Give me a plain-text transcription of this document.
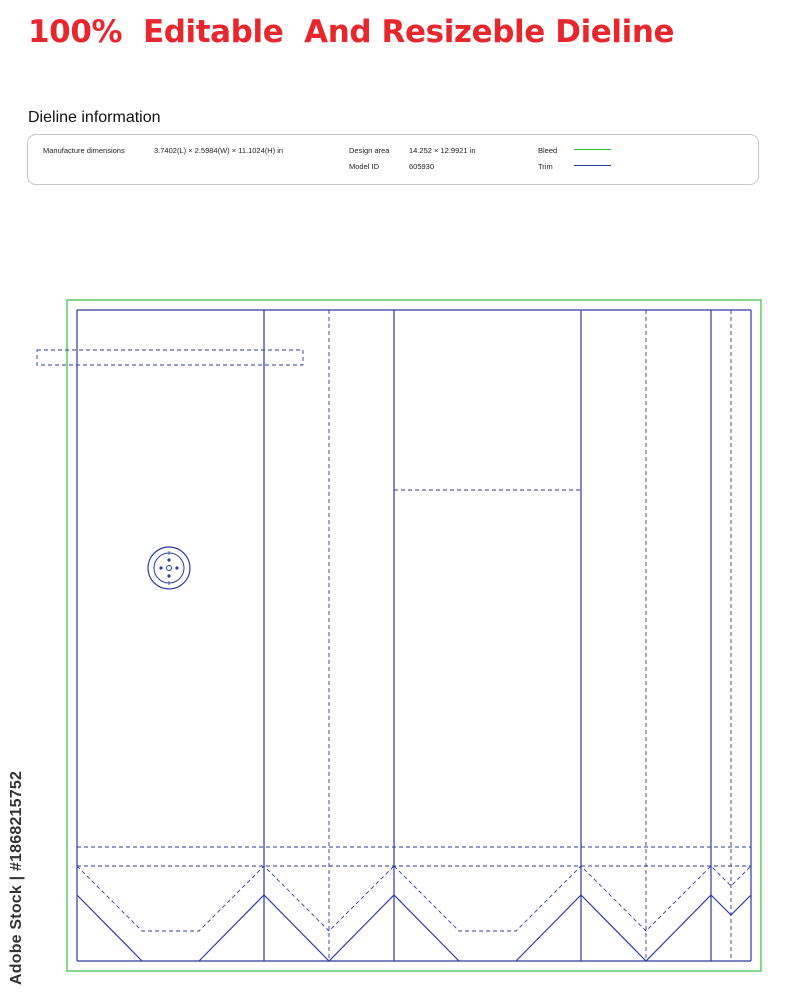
100%  Editable  And Resizeble Dieline
Dieline information
Manufacture dimensions	3.7402(L) × 2.5984(W) × 11.1024(H) in	Design area	14.252 × 12.9921 in
Model ID	605930
Bleed
Trim
Adobe Stock | #1868215752
